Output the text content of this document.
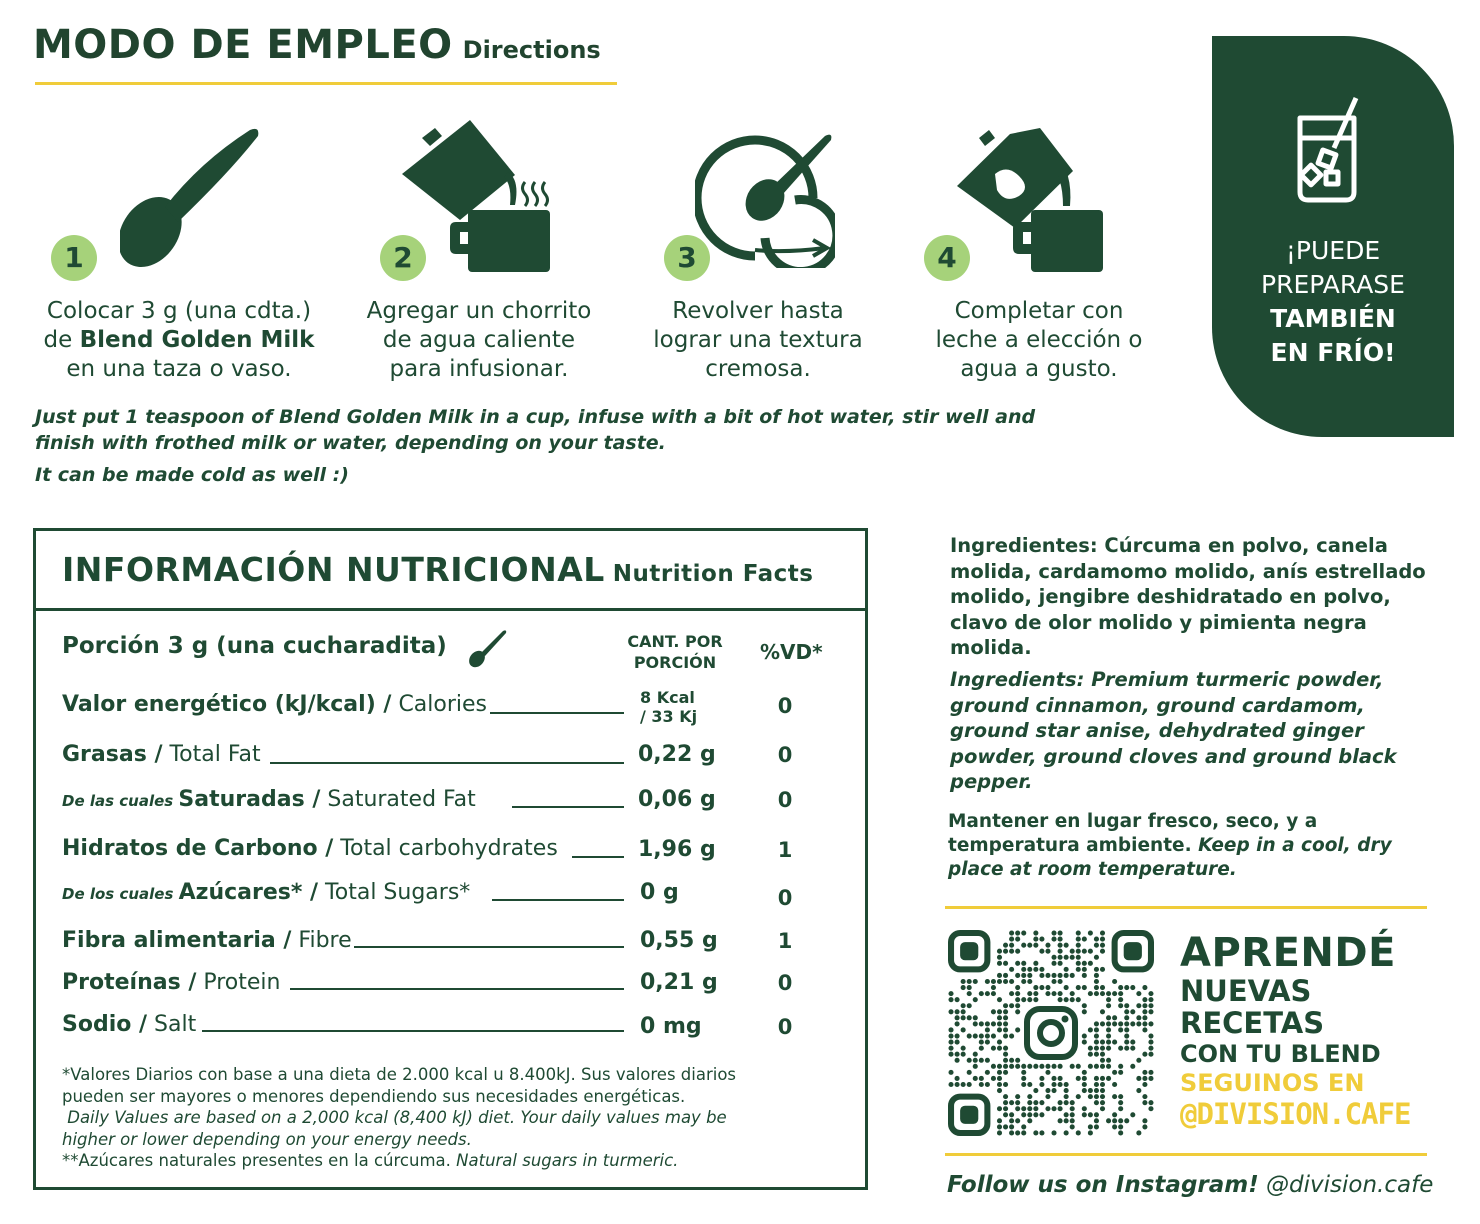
MODO DE EMPLEO Directions
1	2	3	4
Colocar 3 g (una cdta.)
de Blend Golden Milk
en una taza o vaso.
Agregar un chorrito
de agua caliente
para infusionar.
Revolver hasta
lograr una textura
cremosa.
Completar con
leche a elección o
agua a gusto.
Just put 1 teaspoon of Blend Golden Milk in a cup, infuse with a bit of hot water, stir well and
finish with frothed milk or water, depending on your taste.
It can be made cold as well :)
¡PUEDE
PREPARASE
TAMBIÉN
EN FRÍO!
INFORMACIÓN NUTRICIONAL Nutrition Facts
Porción 3 g (una cucharadita)	CANT. POR
PORCIÓN	%VD*
Valor energético (kJ/kcal) / Calories	8 Kcal
/ 33 Kj	0
Grasas / Total Fat	0,22 g	0
De las cuales Saturadas / Saturated Fat	0,06 g	0
Hidratos de Carbono / Total carbohydrates	1,96 g	1
De los cuales Azúcares* / Total Sugars*	0 g	0
Fibra alimentaria / Fibre	0,55 g	1
Proteínas / Protein	0,21 g	0
Sodio / Salt	0 mg	0
*Valores Diarios con base a una dieta de 2.000 kcal u 8.400kJ. Sus valores diarios
pueden ser mayores o menores dependiendo sus necesidades energéticas.
Daily Values are based on a 2,000 kcal (8,400 kJ) diet. Your daily values may be
higher or lower depending on your energy needs.
**Azúcares naturales presentes en la cúrcuma. Natural sugars in turmeric.
Ingredientes: Cúrcuma en polvo, canela molida, cardamomo molido, anís estrellado molido, jengibre deshidratado en polvo, clavo de olor molido y pimienta negra molida.
Ingredients: Premium turmeric powder, ground cinnamon, ground cardamom, ground star anise, dehydrated ginger powder, ground cloves and ground black pepper.
Mantener en lugar fresco, seco, y a temperatura ambiente. Keep in a cool, dry place at room temperature.
APRENDÉ
NUEVAS
RECETAS
CON TU BLEND
SEGUINOS EN
@DIVISION.CAFE
Follow us on Instagram! @division.cafe
